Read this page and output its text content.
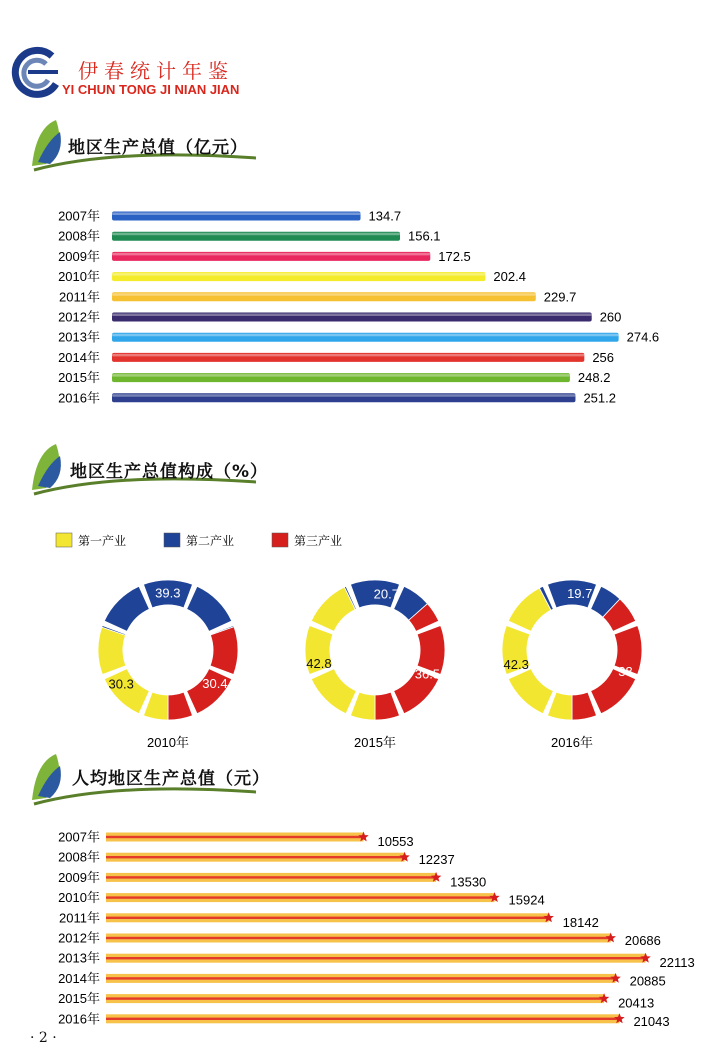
伊春统计年鉴
YI CHUN TONG JI NIAN JIAN
地区生产总值（亿元）
2007年	134.7
2008年	156.1
2009年	172.5
2010年	202.4
2011年	229.7
2012年	260
2013年	274.6
2014年	256
2015年	248.2
2016年	251.2
地区生产总值构成（%）
第一产业	第二产业	第三产业
30.3
39.3
30.4
2010年
42.8
20.7
36.5
2015年
42.3
19.7
38
2016年
人均地区生产总值（元）
2007年	10553
2008年	12237
2009年	13530
2010年	15924
2011年	18142
2012年	20686
2013年	22113
2014年	20885
2015年	20413
2016年	21043
· 2 ·
